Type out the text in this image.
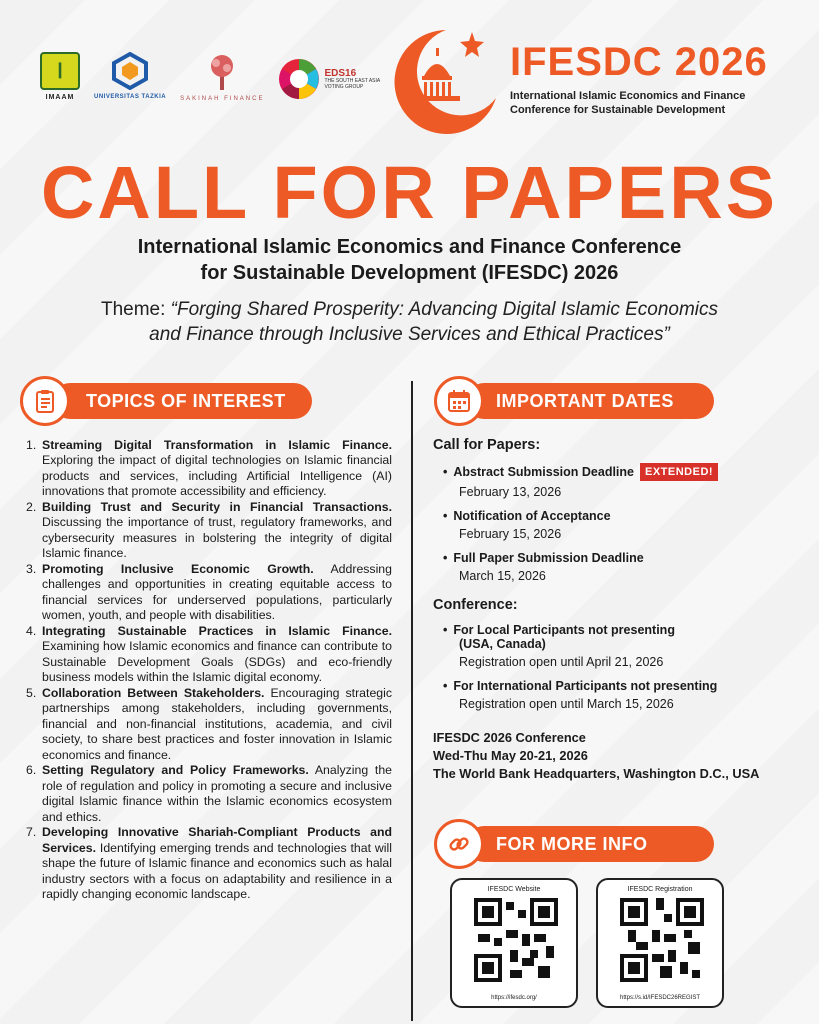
ا
IMAAM	UNIVERSITAS TAZKIA SAKINAH FINANCE
EDS16
THE SOUTH EAST ASIA VOTING GROUP
IFESDC 2026
International Islamic Economics and Finance
Conference for Sustainable Development
CALL FOR PAPERS
International Islamic Economics and Finance Conference
for Sustainable Development (IFESDC) 2026
Theme: “Forging Shared Prosperity: Advancing Digital Islamic Economics
and Finance through Inclusive Services and Ethical Practices”
TOPICS OF INTEREST
1. Streaming Digital Transformation in Islamic Finance. Exploring the impact of digital technologies on Islamic financial products and services, including Artificial Intelligence (AI) innovations that promote accessibility and efficiency.
2. Building Trust and Security in Financial Transactions. Discussing the importance of trust, regulatory frameworks, and cybersecurity measures in bolstering the integrity of digital Islamic finance.
3. Promoting Inclusive Economic Growth. Addressing challenges and opportunities in creating equitable access to financial services for underserved populations, particularly women, youth, and people with disabilities.
4. Integrating Sustainable Practices in Islamic Finance. Examining how Islamic economics and finance can contribute to Sustainable Development Goals (SDGs) and eco-friendly business models within the Islamic digital economy.
5. Collaboration Between Stakeholders. Encouraging strategic partnerships among stakeholders, including governments, financial and non-financial institutions, academia, and civil society, to share best practices and foster innovation in Islamic economics and finance.
6. Setting Regulatory and Policy Frameworks. Analyzing the role of regulation and policy in promoting a secure and inclusive digital Islamic finance within the Islamic economics ecosystem and ethics.
7. Developing Innovative Shariah-Compliant Products and Services. Identifying emerging trends and technologies that will shape the future of Islamic finance and economics such as halal industry sectors with a focus on adaptability and resilience in a rapidly changing economic landscape.
IMPORTANT DATES
Call for Papers:
• Abstract Submission Deadline	EXTENDED!
February 13, 2026
• Notification of Acceptance
February 15, 2026
• Full Paper Submission Deadline
March 15, 2026
Conference:
• For Local Participants not presenting
(USA, Canada)
Registration open until April 21, 2026
• For International Participants not presenting
Registration open until March 15, 2026
IFESDC 2026 Conference
Wed-Thu May 20-21, 2026
The World Bank Headquarters, Washington D.C., USA
FOR MORE INFO
IFESDC Website
https://ifesdc.org/
IFESDC Registration
https://s.id/IFESDC26REGIST
